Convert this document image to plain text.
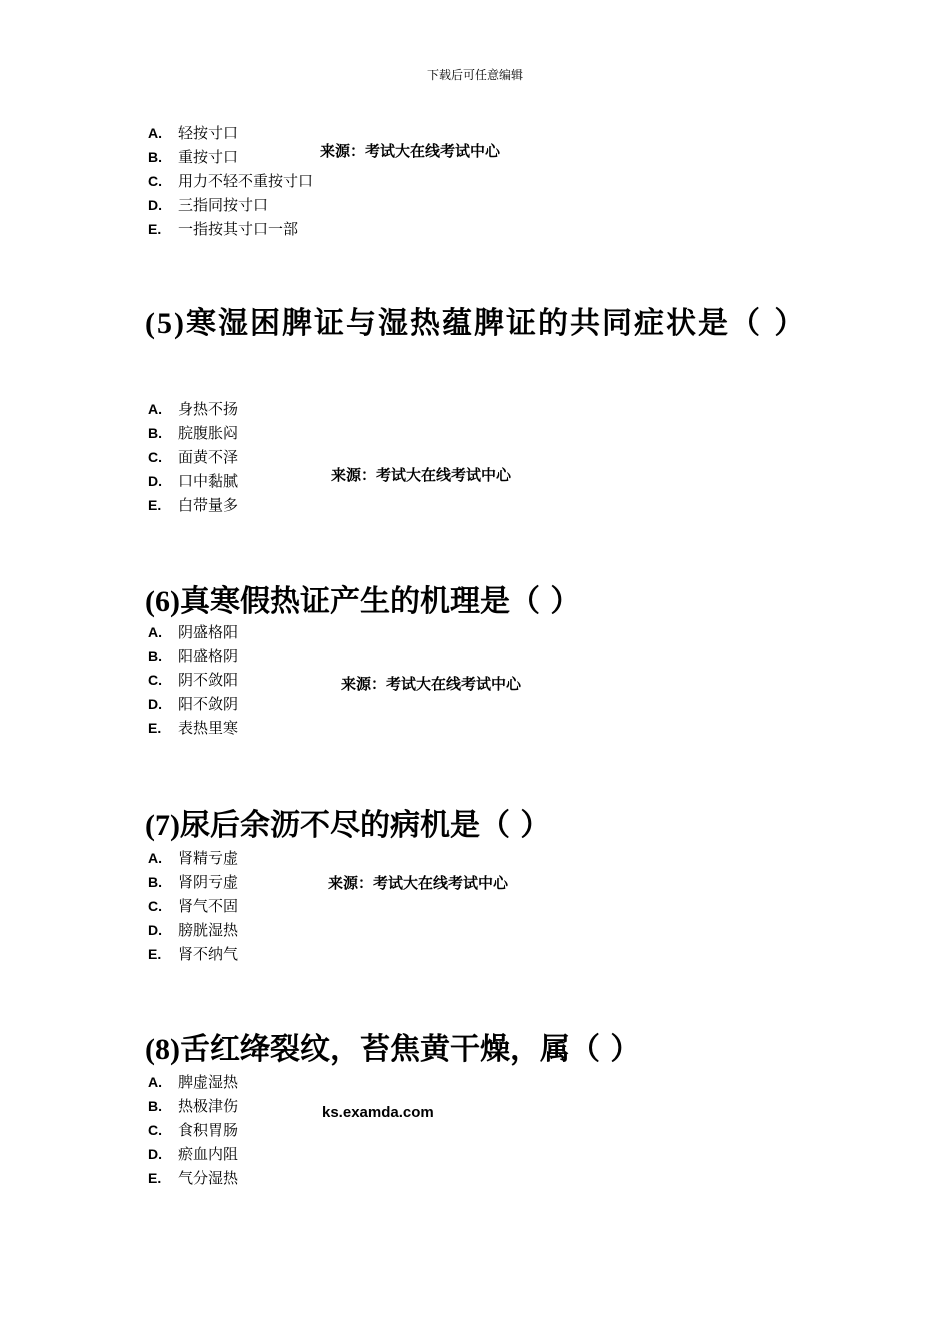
下载后可任意编辑
A. 轻按寸口
B. 重按寸口
C. 用力不轻不重按寸口
D. 三指同按寸口
E. 一指按其寸口一部
来源：考试大在线考试中心
(5)寒湿困脾证与湿热蕴脾证的共同症状是（ ）
A. 身热不扬
B. 脘腹胀闷
C. 面黄不泽
D. 口中黏腻
E. 白带量多
来源：考试大在线考试中心
(6)真寒假热证产生的机理是（ ）
A. 阴盛格阳
B. 阳盛格阴
C. 阴不敛阳
D. 阳不敛阴
E. 表热里寒
来源：考试大在线考试中心
(7)尿后余沥不尽的病机是（ ）
A. 肾精亏虚
B. 肾阴亏虚
C. 肾气不固
D. 膀胱湿热
E. 肾不纳气
来源：考试大在线考试中心
(8)舌红绛裂纹，苔焦黄干燥，属（ ）
A. 脾虚湿热
B. 热极津伤
C. 食积胃肠
D. 瘀血内阻
E. 气分湿热
ks.examda.com
